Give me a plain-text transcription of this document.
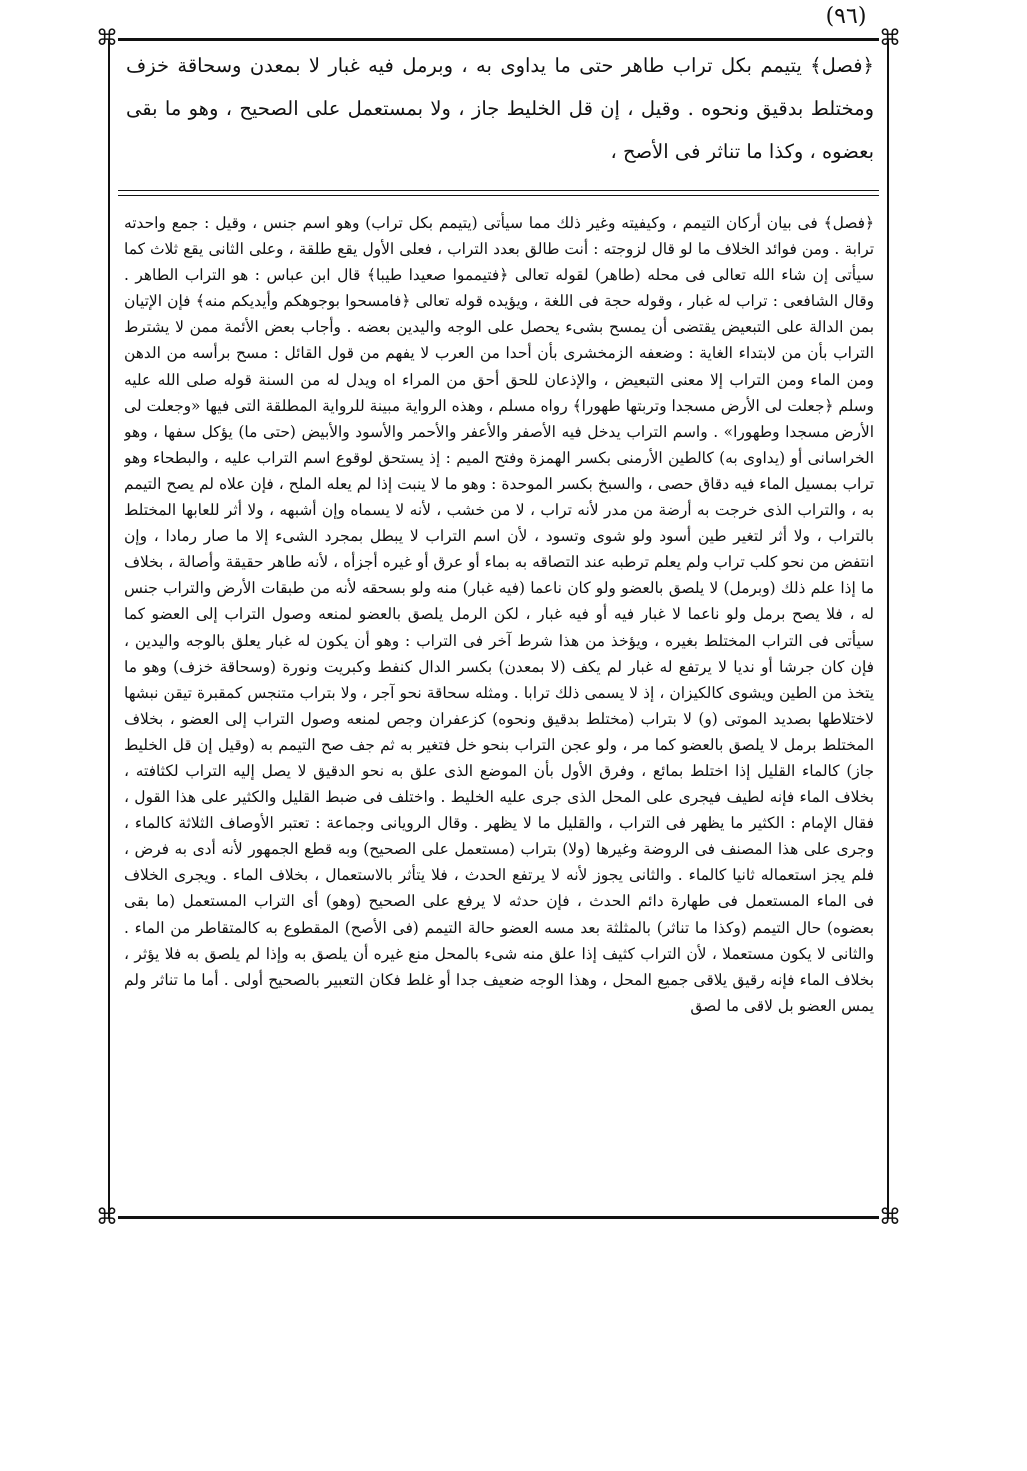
(٩٦)
⌘	⌘
⌘	⌘

﴿فصل﴾ يتيمم بكل تراب طاهر حتى ما يداوى به ، وبرمل فيه غبار لا بمعدن وسحاقة خزف ومختلط بدقيق ونحوه . وقيل ، إن قل الخليط جاز ، ولا بمستعمل على الصحيح ، وهو ما بقى بعضوه ، وكذا ما تناثر فى الأصح ،

﴿فصل﴾ فى بيان أركان التيمم ، وكيفيته وغير ذلك مما سيأتى (يتيمم بكل تراب) وهو اسم جنس ، وقيل : جمع واحدته ترابة . ومن فوائد الخلاف ما لو قال لزوجته : أنت طالق بعدد التراب ، فعلى الأول يقع طلقة ، وعلى الثانى يقع ثلاث كما سيأتى إن شاء الله تعالى فى محله (طاهر) لقوله تعالى ﴿فتيمموا صعيدا طيبا﴾ قال ابن عباس : هو التراب الطاهر . وقال الشافعى : تراب له غبار ، وقوله حجة فى اللغة ، ويؤيده قوله تعالى ﴿فامسحوا بوجوهكم وأيديكم منه﴾ فإن الإتيان بمن الدالة على التبعيض يقتضى أن يمسح بشىء يحصل على الوجه واليدين بعضه . وأجاب بعض الأئمة ممن لا يشترط التراب بأن من لابتداء الغاية : وضعفه الزمخشرى بأن أحدا من العرب لا يفهم من قول القائل : مسح برأسه من الدهن ومن الماء ومن التراب إلا معنى التبعيض ، والإذعان للحق أحق من المراء اه ويدل له من السنة قوله صلى الله عليه وسلم ﴿جعلت لى الأرض مسجدا وتربتها طهورا﴾ رواه مسلم ، وهذه الرواية مبينة للرواية المطلقة التى فيها «وجعلت لى الأرض مسجدا وطهورا» . واسم التراب يدخل فيه الأصفر والأعفر والأحمر والأسود والأبيض (حتى ما) يؤكل سفها ، وهو الخراسانى أو (يداوى به) كالطين الأرمنى بكسر الهمزة وفتح الميم : إذ يستحق لوقوع اسم التراب عليه ، والبطحاء وهو تراب بمسيل الماء فيه دقاق حصى ، والسبخ بكسر الموحدة : وهو ما لا ينبت إذا لم يعله الملح ، فإن علاه لم يصح التيمم به ، والتراب الذى خرجت به أرضة من مدر لأنه تراب ، لا من خشب ، لأنه لا يسماه وإن أشبهه ، ولا أثر للعابها المختلط بالتراب ، ولا أثر لتغير طين أسود ولو شوى وتسود ، لأن اسم التراب لا يبطل بمجرد الشىء إلا ما صار رمادا ، وإن انتفض من نحو كلب تراب ولم يعلم ترطبه عند التصاقه به بماء أو عرق أو غيره أجزأه ، لأنه طاهر حقيقة وأصالة ، بخلاف ما إذا علم ذلك (وبرمل) لا يلصق بالعضو ولو كان ناعما (فيه غبار) منه ولو بسحقه لأنه من طبقات الأرض والتراب جنس له ، فلا يصح برمل ولو ناعما لا غبار فيه أو فيه غبار ، لكن الرمل يلصق بالعضو لمنعه وصول التراب إلى العضو كما سيأتى فى التراب المختلط بغيره ، ويؤخذ من هذا شرط آخر فى التراب : وهو أن يكون له غبار يعلق بالوجه واليدين ، فإن كان جرشا أو نديا لا يرتفع له غبار لم يكف (لا بمعدن) بكسر الدال كنفط وكبريت ونورة (وسحاقة خزف) وهو ما يتخذ من الطين ويشوى كالكيزان ، إذ لا يسمى ذلك ترابا . ومثله سحاقة نحو آجر ، ولا بتراب متنجس كمقبرة تيقن نبشها لاختلاطها بصديد الموتى (و) لا بتراب (مختلط بدقيق ونحوه) كزعفران وجص لمنعه وصول التراب إلى العضو ، بخلاف المختلط برمل لا يلصق بالعضو كما مر ، ولو عجن التراب بنحو خل فتغير به ثم جف صح التيمم به (وقيل إن قل الخليط جاز) كالماء القليل إذا اختلط بمائع ، وفرق الأول بأن الموضع الذى علق به نحو الدقيق لا يصل إليه التراب لكثافته ، بخلاف الماء فإنه لطيف فيجرى على المحل الذى جرى عليه الخليط . واختلف فى ضبط القليل والكثير على هذا القول ، فقال الإمام : الكثير ما يظهر فى التراب ، والقليل ما لا يظهر . وقال الرويانى وجماعة : تعتبر الأوصاف الثلاثة كالماء ، وجرى على هذا المصنف فى الروضة وغيرها (ولا) بتراب (مستعمل على الصحيح) وبه قطع الجمهور لأنه أدى به فرض ، فلم يجز استعماله ثانيا كالماء . والثانى يجوز لأنه لا يرتفع الحدث ، فلا يتأثر بالاستعمال ، بخلاف الماء . ويجرى الخلاف فى الماء المستعمل فى طهارة دائم الحدث ، فإن حدثه لا يرفع على الصحيح (وهو) أى التراب المستعمل (ما بقى بعضوه) حال التيمم (وكذا ما تناثر) بالمثلثة بعد مسه العضو حالة التيمم (فى الأصح) المقطوع به كالمتقاطر من الماء . والثانى لا يكون مستعملا ، لأن التراب كثيف إذا علق منه شىء بالمحل منع غيره أن يلصق به وإذا لم يلصق به فلا يؤثر ، بخلاف الماء فإنه رقيق يلاقى جميع المحل ، وهذا الوجه ضعيف جدا أو غلط فكان التعبير بالصحيح أولى . أما ما تناثر ولم يمس العضو بل لاقى ما لصق
